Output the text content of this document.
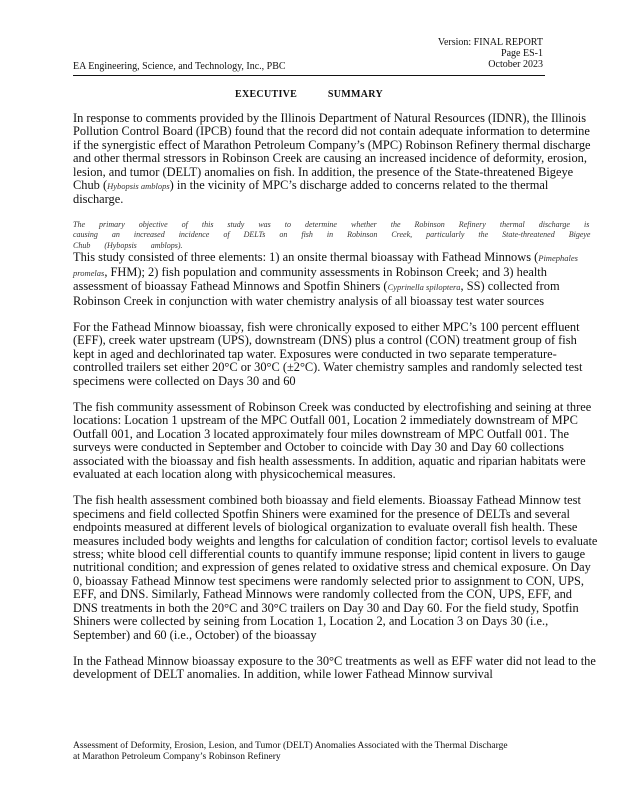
Version: FINAL REPORT
Page ES-1
October 2023
EA Engineering, Science, and Technology, Inc., PBC
EXECUTIVE SUMMARY

In response to comments provided by the Illinois Department of Natural Resources (IDNR), the Illinois Pollution Control Board (IPCB) found that the record did not contain adequate information to determine if the synergistic effect of Marathon Petroleum Company’s (MPC) Robinson Refinery thermal discharge and other thermal stressors in Robinson Creek are causing an increased incidence of deformity, erosion, lesion, and tumor (DELT) anomalies on fish. In addition, the presence of the State-threatened Bigeye Chub (Hybopsis amblops) in the vicinity of MPC’s discharge added to concerns related to the thermal discharge.

The primary objective of this study was to determine whether the Robinson Refinery thermal discharge is causing an increased incidence of DELTs on fish in Robinson Creek, particularly the State-threatened Bigeye Chub (Hybopsis amblops).

This study consisted of three elements: 1) an onsite thermal bioassay with Fathead Minnows (Pimephales promelas, FHM); 2) fish population and community assessments in Robinson Creek; and 3) health assessment of bioassay Fathead Minnows and Spotfin Shiners (Cyprinella spiloptera, SS) collected from Robinson Creek in conjunction with water chemistry analysis of all bioassay test water sources

For the Fathead Minnow bioassay, fish were chronically exposed to either MPC’s 100 percent effluent (EFF), creek water upstream (UPS), downstream (DNS) plus a control (CON) treatment group of fish kept in aged and dechlorinated tap water. Exposures were conducted in two separate temperature-controlled trailers set either 20°C or 30°C (±2°C). Water chemistry samples and randomly selected test specimens were collected on Days 30 and 60

The fish community assessment of Robinson Creek was conducted by electrofishing and seining at three locations: Location 1 upstream of the MPC Outfall 001, Location 2 immediately downstream of MPC Outfall 001, and Location 3 located approximately four miles downstream of MPC Outfall 001. The surveys were conducted in September and October to coincide with Day 30 and Day 60 collections associated with the bioassay and fish health assessments. In addition, aquatic and riparian habitats were evaluated at each location along with physicochemical measures.

The fish health assessment combined both bioassay and field elements. Bioassay Fathead Minnow test specimens and field collected Spotfin Shiners were examined for the presence of DELTs and several endpoints measured at different levels of biological organization to evaluate overall fish health. These measures included body weights and lengths for calculation of condition factor; cortisol levels to evaluate stress; white blood cell differential counts to quantify immune response; lipid content in livers to gauge nutritional condition; and expression of genes related to oxidative stress and chemical exposure. On Day 0, bioassay Fathead Minnow test specimens were randomly selected prior to assignment to CON, UPS, EFF, and DNS. Similarly, Fathead Minnows were randomly collected from the CON, UPS, EFF, and DNS treatments in both the 20°C and 30°C trailers on Day 30 and Day 60. For the field study, Spotfin Shiners were collected by seining from Location 1, Location 2, and Location 3 on Days 30 (i.e., September) and 60 (i.e., October) of the bioassay

In the Fathead Minnow bioassay exposure to the 30°C treatments as well as EFF water did not lead to the development of DELT anomalies. In addition, while lower Fathead Minnow survival

Assessment of Deformity, Erosion, Lesion, and Tumor (DELT) Anomalies Associated with the Thermal Discharge
at Marathon Petroleum Company’s Robinson Refinery
